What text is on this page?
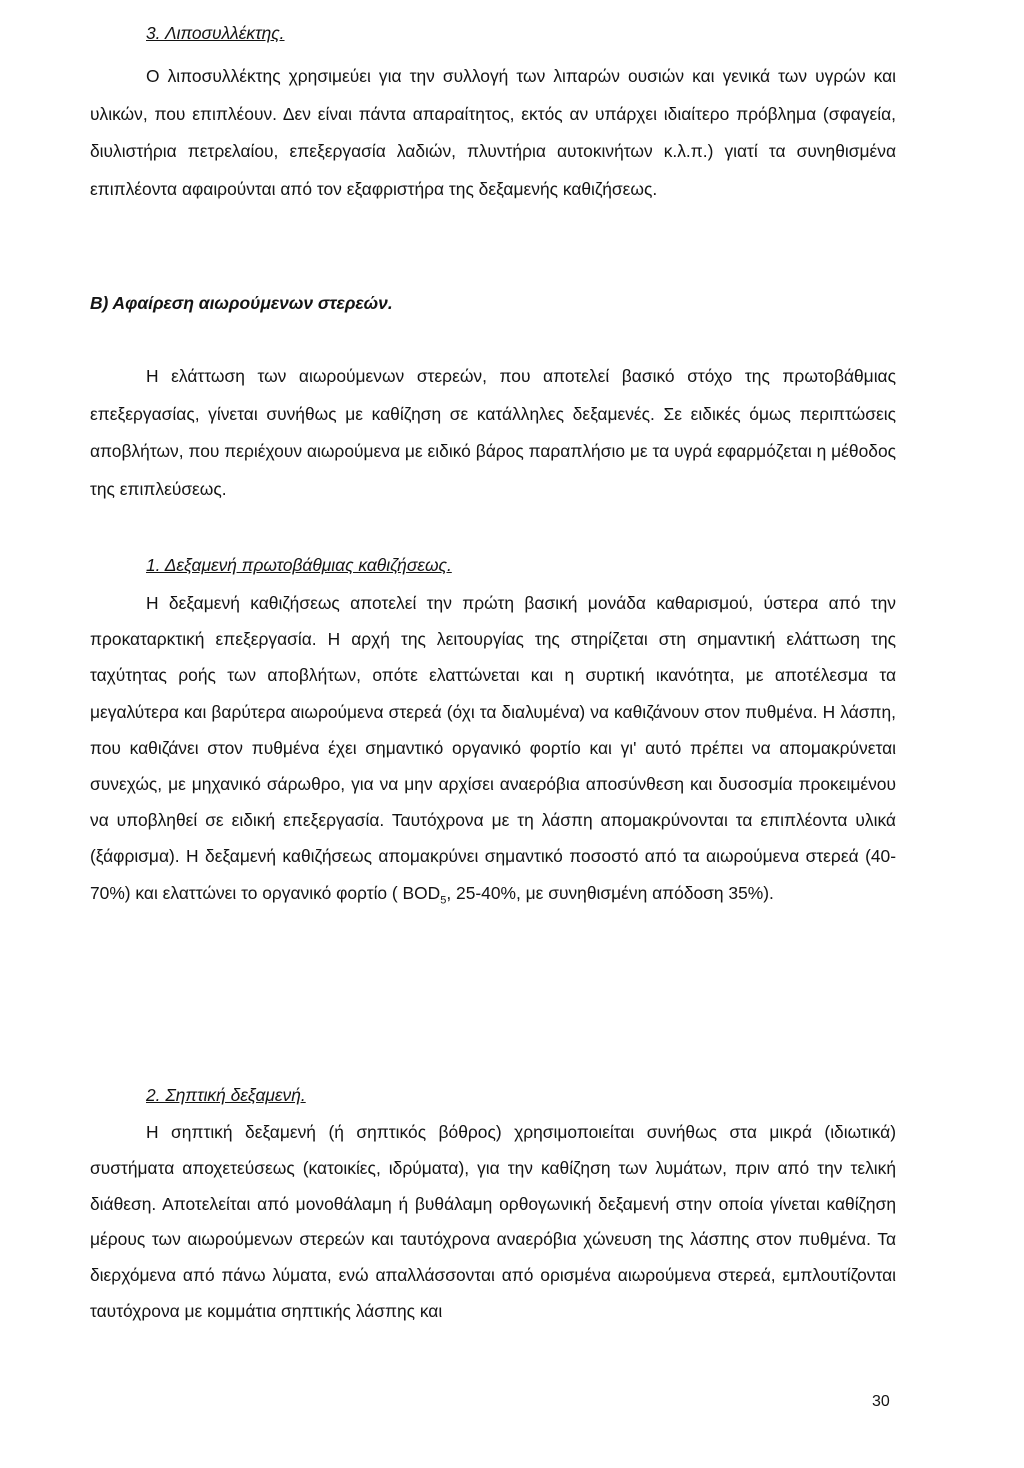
3. Λιποσυλλέκτης.

Ο λιποσυλλέκτης χρησιμεύει για την συλλογή των λιπαρών ουσιών και γενικά των υγρών και υλικών, που επιπλέουν. Δεν είναι πάντα απαραίτητος, εκτός αν υπάρχει ιδιαίτερο πρόβλημα (σφαγεία, διυλιστήρια πετρελαίου, επεξεργασία λαδιών, πλυντήρια αυτοκινήτων κ.λ.π.) γιατί τα συνηθισμένα επιπλέοντα αφαιρούνται από τον εξαφριστήρα της δεξαμενής καθιζήσεως.

Β) Αφαίρεση αιωρούμενων στερεών.

Η ελάττωση των αιωρούμενων στερεών, που αποτελεί βασικό στόχο της πρωτοβάθμιας επεξεργασίας, γίνεται συνήθως με καθίζηση σε κατάλληλες δεξαμενές. Σε ειδικές όμως περιπτώσεις αποβλήτων, που περιέχουν αιωρούμενα με ειδικό βάρος παραπλήσιο με τα υγρά εφαρμόζεται η μέθοδος της επιπλεύσεως.

1. Δεξαμενή πρωτοβάθμιας καθιζήσεως.

Η δεξαμενή καθιζήσεως αποτελεί την πρώτη βασική μονάδα καθαρισμού, ύστερα από την προκαταρκτική επεξεργασία. Η αρχή της λειτουργίας της στηρίζεται στη σημαντική ελάττωση της ταχύτητας ροής των αποβλήτων, οπότε ελαττώνεται και η συρτική ικανότητα, με αποτέλεσμα τα μεγαλύτερα και βαρύτερα αιωρούμενα στερεά (όχι τα διαλυμένα) να καθιζάνουν στον πυθμένα. Η λάσπη, που καθιζάνει στον πυθμένα έχει σημαντικό οργανικό φορτίο και γι' αυτό πρέπει να απομακρύνεται συνεχώς, με μηχανικό σάρωθρο, για να μην αρχίσει αναερόβια αποσύνθεση και δυσοσμία προκειμένου να υποβληθεί σε ειδική επεξεργασία. Ταυτόχρονα με τη λάσπη απομακρύνονται τα επιπλέοντα υλικά (ξάφρισμα). Η δεξαμενή καθιζήσεως απομακρύνει σημαντικό ποσοστό από τα αιωρούμενα στερεά (40-70%) και ελαττώνει το οργανικό φορτίο ( $BOD_5$, 25-40%, με συνηθισμένη απόδοση 35%).

2. Σηπτική δεξαμενή.

Η σηπτική δεξαμενή (ή σηπτικός βόθρος) χρησιμοποιείται συνήθως στα μικρά (ιδιωτικά) συστήματα αποχετεύσεως (κατοικίες, ιδρύματα), για την καθίζηση των λυμάτων, πριν από την τελική διάθεση. Αποτελείται από μονοθάλαμη ή βυθάλαμη ορθογωνική δεξαμενή στην οποία γίνεται καθίζηση μέρους των αιωρούμενων στερεών και ταυτόχρονα αναερόβια χώνευση της λάσπης στον πυθμένα. Τα διερχόμενα από πάνω λύματα, ενώ απαλλάσσονται από ορισμένα αιωρούμενα στερεά, εμπλουτίζονται ταυτόχρονα με κομμάτια σηπτικής λάσπης και

30
